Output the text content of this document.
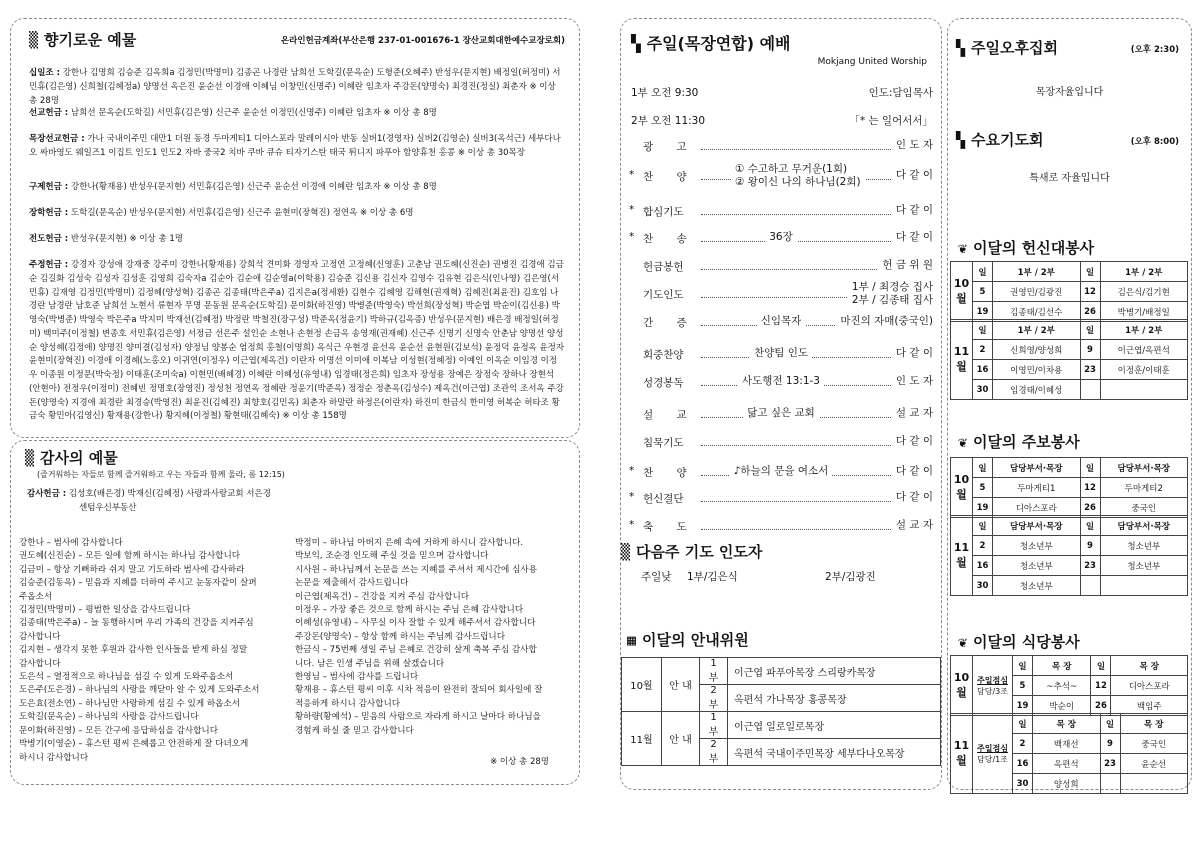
▒ 향기로운 예물	온라인헌금계좌(부산은행 237-01-001676-1 장산교회대한예수교장로회)
십일조 : 강한나 김명희 김승준 김옥희a 김정민(박명미) 김종곤 나경란 남희선 도학길(문옥순) 도형준(오혜주) 반성우(문지현) 배정일(허정미) 서민휴(김은영) 신희철(김혜정a) 양명선 옥은진 윤순선 이경애 이혜님 이창민(신명주) 이혜란 임초자 주강돈(양명숙) 최경진(정실) 최춘자 ※ 이상 총 28명
선교헌금 : 남희선 문옥순(도학길) 서민휴(김은영) 신근주 윤순선 이정민(신명주) 이혜란 임초자 ※ 이상 총 8명
목장선교헌금 : 가나 국내이주민 대만1 더원 동경 두마게티1 디아스포라 말레이시아 반동 실버1(경영자) 실버2(김영순) 실버3(옥석근) 세부다나오 싸바영도 웨일즈1 이집트 인도1 인도2 자바 중국2 치바 쿠바 큐슈 티자기스탄 태국 튀니지 파푸아 함양휴천 홍콩 ※ 이상 총 30목장
구제헌금 : 강한나(황재용) 반성우(문지현) 서민휴(김은영) 신근주 윤순선 이경애 이혜란 임초자 ※ 이상 총 8명
장학헌금 : 도학길(문옥순) 반성우(문지현) 서민휴(김은영) 신근주 윤현미(장혁진) 정연옥 ※ 이상 총 6명
전도헌금 : 반성우(문지현) ※ 이상 총 1명
주정헌금 : 강경자 강성애 강재중 강주미 강한나(황재용) 강희석 견미화 경영자 고정연 고정혜(신영훈) 고춘남 권도혜(신진순) 권병진 김경애 김금순 김길화 김성숙 김성자 김성훈 김영희 김숙자a 김순아 김순애 김순영a(이학용) 김승준 김신용 김신자 김영수 김유현 김은식(인나영) 김은영(서민휴) 김재영 김정민(박명미) 김정혜(양성혁) 김종곤 김종태(박은주a) 김지은a(정세환) 김현수 김혜영 김해현(권재혁) 김혜진(최윤진) 김호임 나경란 남경란 남호준 남희선 노현서 류현자 무명 문동원 문옥순(도학길) 문이화(하진영) 박병준(박영숙) 박선희(장성혁) 박순엽 박순이(김신용) 박영숙(박병준) 박영숙 박은주a 박지미 박재선(김혜정) 박정란 박철진(장구성) 박준옥(정윤기) 박하규(김옥증) 반성우(문지현) 배은경 배정일(허정미) 백미주(이정철) 변종호 서민휴(김은영) 서정금 선은주 설인순 소현나 손현정 손금옥 송영재(권재혜) 신근주 신명기 신명숙 안춘남 양명선 양성순 양성혜(김정애) 양명진 양미결(김성자) 양정님 양봉순 엄정희 홍철(이명희) 옥식근 우현경 윤선옥 윤순선 윤현원(김보석) 윤정덕 윤정옥 윤정자 윤현미(장혁진) 이경애 이경혜(노홍오) 이귀연(이정우) 이근엽(제옥건) 이란자 이명선 이미애 이복남 이성현(정혜정) 이예인 이옥순 이임경 이정우 이종원 이정문(박숙정) 이태훈(조미숙a) 이현민(배혜경) 이혜란 이혜성(유영내) 임경태(정은희) 임초자 장성용 장예은 장정숙 장하나 장현석(안현아) 전정우(이정미) 전혜빈 정명호(장영진) 정성천 정연옥 정혜란 정윤기(박준옥) 정정순 정춘옥(김성수) 제옥건(이근엽) 조관익 조서옥 주강돈(양명숙) 지경애 최경란 최경승(박영진) 최윤진(김혜진) 최향호(김민옥) 최춘자 하말란 하정은(이란자) 하진미 한금식 한미영 허복순 허타조 황금숙 황민아(김영신) 황재용(강한나) 황지혜(이정철) 황현태(김혜숙) ※ 이상 총 158명
▒ 감사의 예물
(즐거워하는 자들로 함께 즐거워하고 우는 자들과 함께 울라, 롬 12:15)
감사헌금 : 김성호(배은경) 박재신(김혜정) 사랑과사랑교회 서은경
센텀우신부동산
강한나 – 범사에 감사합니다
권도혜(신진순) – 모든 일에 함께 하시는 하나님 감사합니다
김금미 – 항상 기뻐하라 쉬지 말고 기도하라 범사에 감사하라
김승준(김동옥) – 믿음과 지혜를 더하여 주시고 눈동자같이 살펴
주옵소서
김정민(박명미) – 평범한 일상을 감사드립니다
김종태(박은주a) – 늘 동행하시며 우리 가족의 건강을 지켜주심
감사합니다
김지현 – 생각지 못한 후원과 감사한 인사들을 받게 하심 정말
감사합니다
도은석 – 열정적으로 하나님을 섬길 수 있게 도와주옵소서
도은주(도은경) – 하나님의 사랑을 깨닫아 알 수 있게 도와주소서
도은효(전소연) – 하나님만 사랑하게 섬길 수 있게 하옵소서
도학길(문옥순) – 하나님의 사랑을 감사드립니다
문이화(하진영) – 모든 간구에 응답하심을 감사합니다
박병기(이영순) – 휴스턴 평씨 은혜롭고 안전하게 잘 다녀오게
하시니 감사합니다
박정미 – 하나님 아버지 은혜 속에 거하게 하시니 감사합니다.
박보익, 조순경 인도해 주실 것을 믿으며 감사합니다
시사원 – 하나님께서 논문을 쓰는 지혜를 주셔서 제시간에 심사용
논문을 제출해서 감사드립니다
이근엽(제옥건) – 건강을 지켜 주심 감사합니다
이정우 – 가장 좋은 것으로 함께 하시는 주님 은혜 감사합니다
이혜성(유영내) – 사무실 이사 잘할 수 있게 해주셔서 감사합니다
주강돈(양명숙) – 항상 함께 하시는 주님께 감사드립니다
한금식 – 75번째 생일 주님 은혜로 건강히 살게 축복 주심 감사합
니다. 남은 인생 주님을 위해 살겠습니다
한영님 – 범사에 감사를 드립니다
황재용 – 휴스턴 평씨 이후 시차 적응이 완전히 잘되어 회사일에 잘
적응하게 하시니 감사합니다
황하량(황예석) – 믿음의 사람으로 자라게 하시고 날마다 하나님을
경험케 하실 줄 믿고 감사합니다
※ 이상 총 28명
▚ 주일(목장연합) 예배
Mokjang United Worship
1부 오전 9:30	인도:담임목사
2부 오전 11:30	「* 는 일어서서」
광       고	인 도 자
* 찬       양
① 수고하고 무거운(1회)
② 왕이신 나의 하나님(2회)
다 같 이
* 합심기도	다 같 이
* 찬       송	36장	다 같 이
헌금봉헌	헌 금 위 원
기도인도
1부 / 최경승 집사
2부 / 김종태 집사
간       증	신임목자	마진의 자매(중국인)
회중찬양	찬양팀 인도	다 같 이
성경봉독	사도행전 13:1-3	인 도 자
설       교	닮고 싶은 교회	설 교 자
침묵기도	다 같 이
* 찬       양	♪하늘의 문을 여소서	다 같 이
* 헌신결단	다 같 이
* 축       도	설 교 자
▒ 다음주 기도 인도자
주일낮 1부/김은식	2부/김광진
▦ 이달의 안내위원
10월	안 내	1부	이근엽 파푸아목장 스리랑카목장
		2부	옥편석 가나목장 홍콩목장
11월	안 내	1부	이근엽 일로일로목장
		2부	옥편석 국내이주민목장 세부다나오목장
▚ 주일오후집회	(오후 2:30)
목장자율입니다
▚ 수요기도회	(오후 8:00)
특새로 자율입니다
❦ 이달의 헌신대봉사
10월	일	1부 / 2부	일	1부 / 2부
	5	권영민/김광진	12	김은식/김기현
	19	김종태/김선수	26	박병기/배정일
11월	일	1부 / 2부	일	1부 / 2부
	2	신희영/양성희	9	이근엽/옥편석
	16	이영민/이차용	23	이정훈/이태훈
	30	임경태/이혜성		
❦ 이달의 주보봉사
10월	일	담당부서·목장	일	담당부서·목장
	5	두마게티1	12	두마게티2
	19	디아스포라	26	중국인
11월	일	담당부서·목장	일	담당부서·목장
	2	청소년부	9	청소년부
	16	청소년부	23	청소년부
	30	청소년부		
❦ 이달의 식당봉사
10월	주일점심
담당/3조	일	목 장	일	목 장
		5	~추석~	12	디아스포라
		19	박순이	26	백임주
11월	주일점심
담당/1조	일	목 장	일	목 장
		2	백재선	9	중국인
		16	옥편석	23	윤순선
		30	양성희		
